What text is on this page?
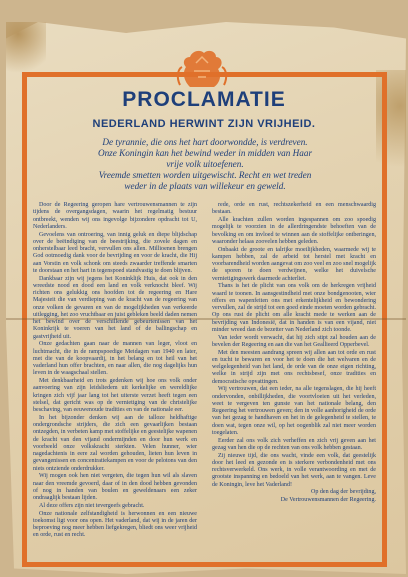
PROCLAMATIE
NEDERLAND HERWINT ZIJN VRIJHEID.
De tyrannie, die ons het hart doorwondde, is verdreven.
Onze Koningin kan het bewind weder in midden van Haar
vrije volk uitoefenen.
Vreemde smetten worden uitgewischt. Recht en wet treden
weder in de plaats van willekeur en geweld.

Door de Regeering geropen hare vertrouwensmannen te zijn tijdens de overgangsdagen, waarin het regelmatig bestuur ontbreekt, wenden wij ons ingevolge bijzondere opdracht tot U, Nederlanders.

Gevoelens van ontroering, van innig geluk en diepe blijdschap over de beëindiging van de beestrijking, die zovele dagen en onherstelbaar leed bracht, vervullen ons allen. Millioenen brengen God ootmoedig dank voor de bevrijding en voor de kracht, die Hij aan Vorstin en volk schonk om steeds zwaarder treffende smarten te doorstaan en het hart in tegenspoed standvastig te doen blijven.

Dankbaar zijn wij jegens het Koninklijk Huis, dat ook in den wreedste nood en dood een land en volk verknocht bleef. Wij richten ons gelukkig ons hoofden tot de regeering en Hare Majesteit die van verdieping van de kracht van de regeering van onze volken de gevaren en van de mogelijkheden van verkeerde uitlegging, het zoo vruchtbaar en juist gebleken beeld daden nemen het bewind over de verschillende gebeurtenissen van het Koninkrijk te voeren van het land of de ballingschap en gastvrijheid uit.

Onze gedachten gaan naar de mannen van leger, vloot en luchtmacht, die in de rampspoedige Meidagen van 1940 en later, met die van de koopvaardij, in het belang en tot heil van het vaderland hun offer brachten, en naar allen, die nog dagelijks hun leven in de waagschaal stellen.

Met denkbaarheid en trots gedenken wij hoe ons volk onder aanvoering van zijn leidsliedem uit kerkelijke en wereldlijke kringen zich vijf jaar lang tot het uiterste verzet heeft tegen een stelsel, dat gericht was op de vernietiging van de christelijke beschaving, van eeuwenoude tradities en van de nationale eer.

In het bijzonder denken wij aan de talloze heldhaftige ondergrondsche strijders, die zich een gevaarlijken bestaan ontzegden, in verbeten kamp met stoffelijke en geestelijke wapenen de kracht van den vijand ondermijnden en door hun werk en voorbeeld onze volkskracht sterkten. Velen hunner, wier nagedachtenis in eere zal worden gehouden, lieten hun leven in gevangenissen en concentratiekampen en voor de pelotons van den niets ontziende onderdrukker.

Wij mogen ook hen niet vergeten, die tegen hun wil als slaven naar den vreemde gevoerd, daar of in den dood hebben gevonden of nog in handen van boulen en geweldenaars een zeker ondraaglijk bestaan lijden.

Al deze offers zijn niet tevergeefs gebracht.

Onze nationale zelfstandigheid is herwonnen en een nieuwe toekomst ligt voor ons open. Het vaderland, dat wij in de jaren der beproeving nog meer hebben liefgekregen, bliedt ons weer vrijheid en orde, rust en recht.

rede, orde en rust, rechtszekerheid en een menschwaardig bestaan.

Alle krachten zullen worden ingespannen om zoo spoedig mogelijk te voorzien in de allerdringendste behoeften van de bevolking en om invloed te winnen aan de stoffelijke ontberingen, waaronder helaas zoovelen hebben geleden.

Onbaakt de groote en talrijke moeilijkheden, waarmede wij te kampen hebben, zal de arbeid tot herstel met kracht en voorbarendheid worden aangevat om zoo veel en zoo snel mogelijk de sporen te doen verdwijnen, welke het duivelsche vernietigingswerk daarmede achterliet.

Thans is het de plicht van ons volk om de herkregen vrijheid waard te toonen. In aansgestindheid met onze bondgenooten, wier offers en wapenfeiten ons met erkentelijkheid en bewondering vervullen, zal de strijd tot een goed einde moeten worden gebracht. Op ons rust de plicht om alle kracht mede te werken aan de bevrijding van Indonesië, dat in handen is van een vijand, niet minder wreed dan de bezetter van Nederland zich toonde.

Van ieder wordt verwacht, dat hij zich stipt zal houden aan de bevelen der Regeering en aan die van het Geallieerd Opperbevel.

Met den meesten aandrang spreen wij allen aan tot orde en rust en tucht te bewaren en voor het te doen die het welvaren en de welgelegenheid van het land, de orde van de onze eigen richting, welke in strijd zijn met ons rechtsbesef, onze tradities en democratische opvattingen.

Wij vertrouwen, dat een ieder, na alle tegenslagen, die hij heeft ondervonden, onbillijkheden, die voortvloeien uit het verleden, weet te vergeven ten gunste van het nationale belang, den Regeering het vertrouwen geven; den in volle aanhorigheid de orde van het gezag te handhaven en het in de gelegenheid te stellen, te doen wat, tegen onze wil, op het oogenblik zal niet meer worden toegelaten.

Eerder zal ons volk zich verheffen en zich vrij geven aan het gezag van hen die op de rechten van ons volk hebben gestaan.

Zij nieuwe tijd, die ons wacht, vinde een volk, dat geestelijk door het leed en gezonde en is sterkere verbondenheid met ons rechtsverwerkeld. Ons werk, in volle verantwoording en met de grootste inspanning en bedoeld van het werk, aan te vangen. Leve de Koningin, leve het Vaderland!

Op den dag der bevrijding,

De Vertrouwensmannen der Regeering.
